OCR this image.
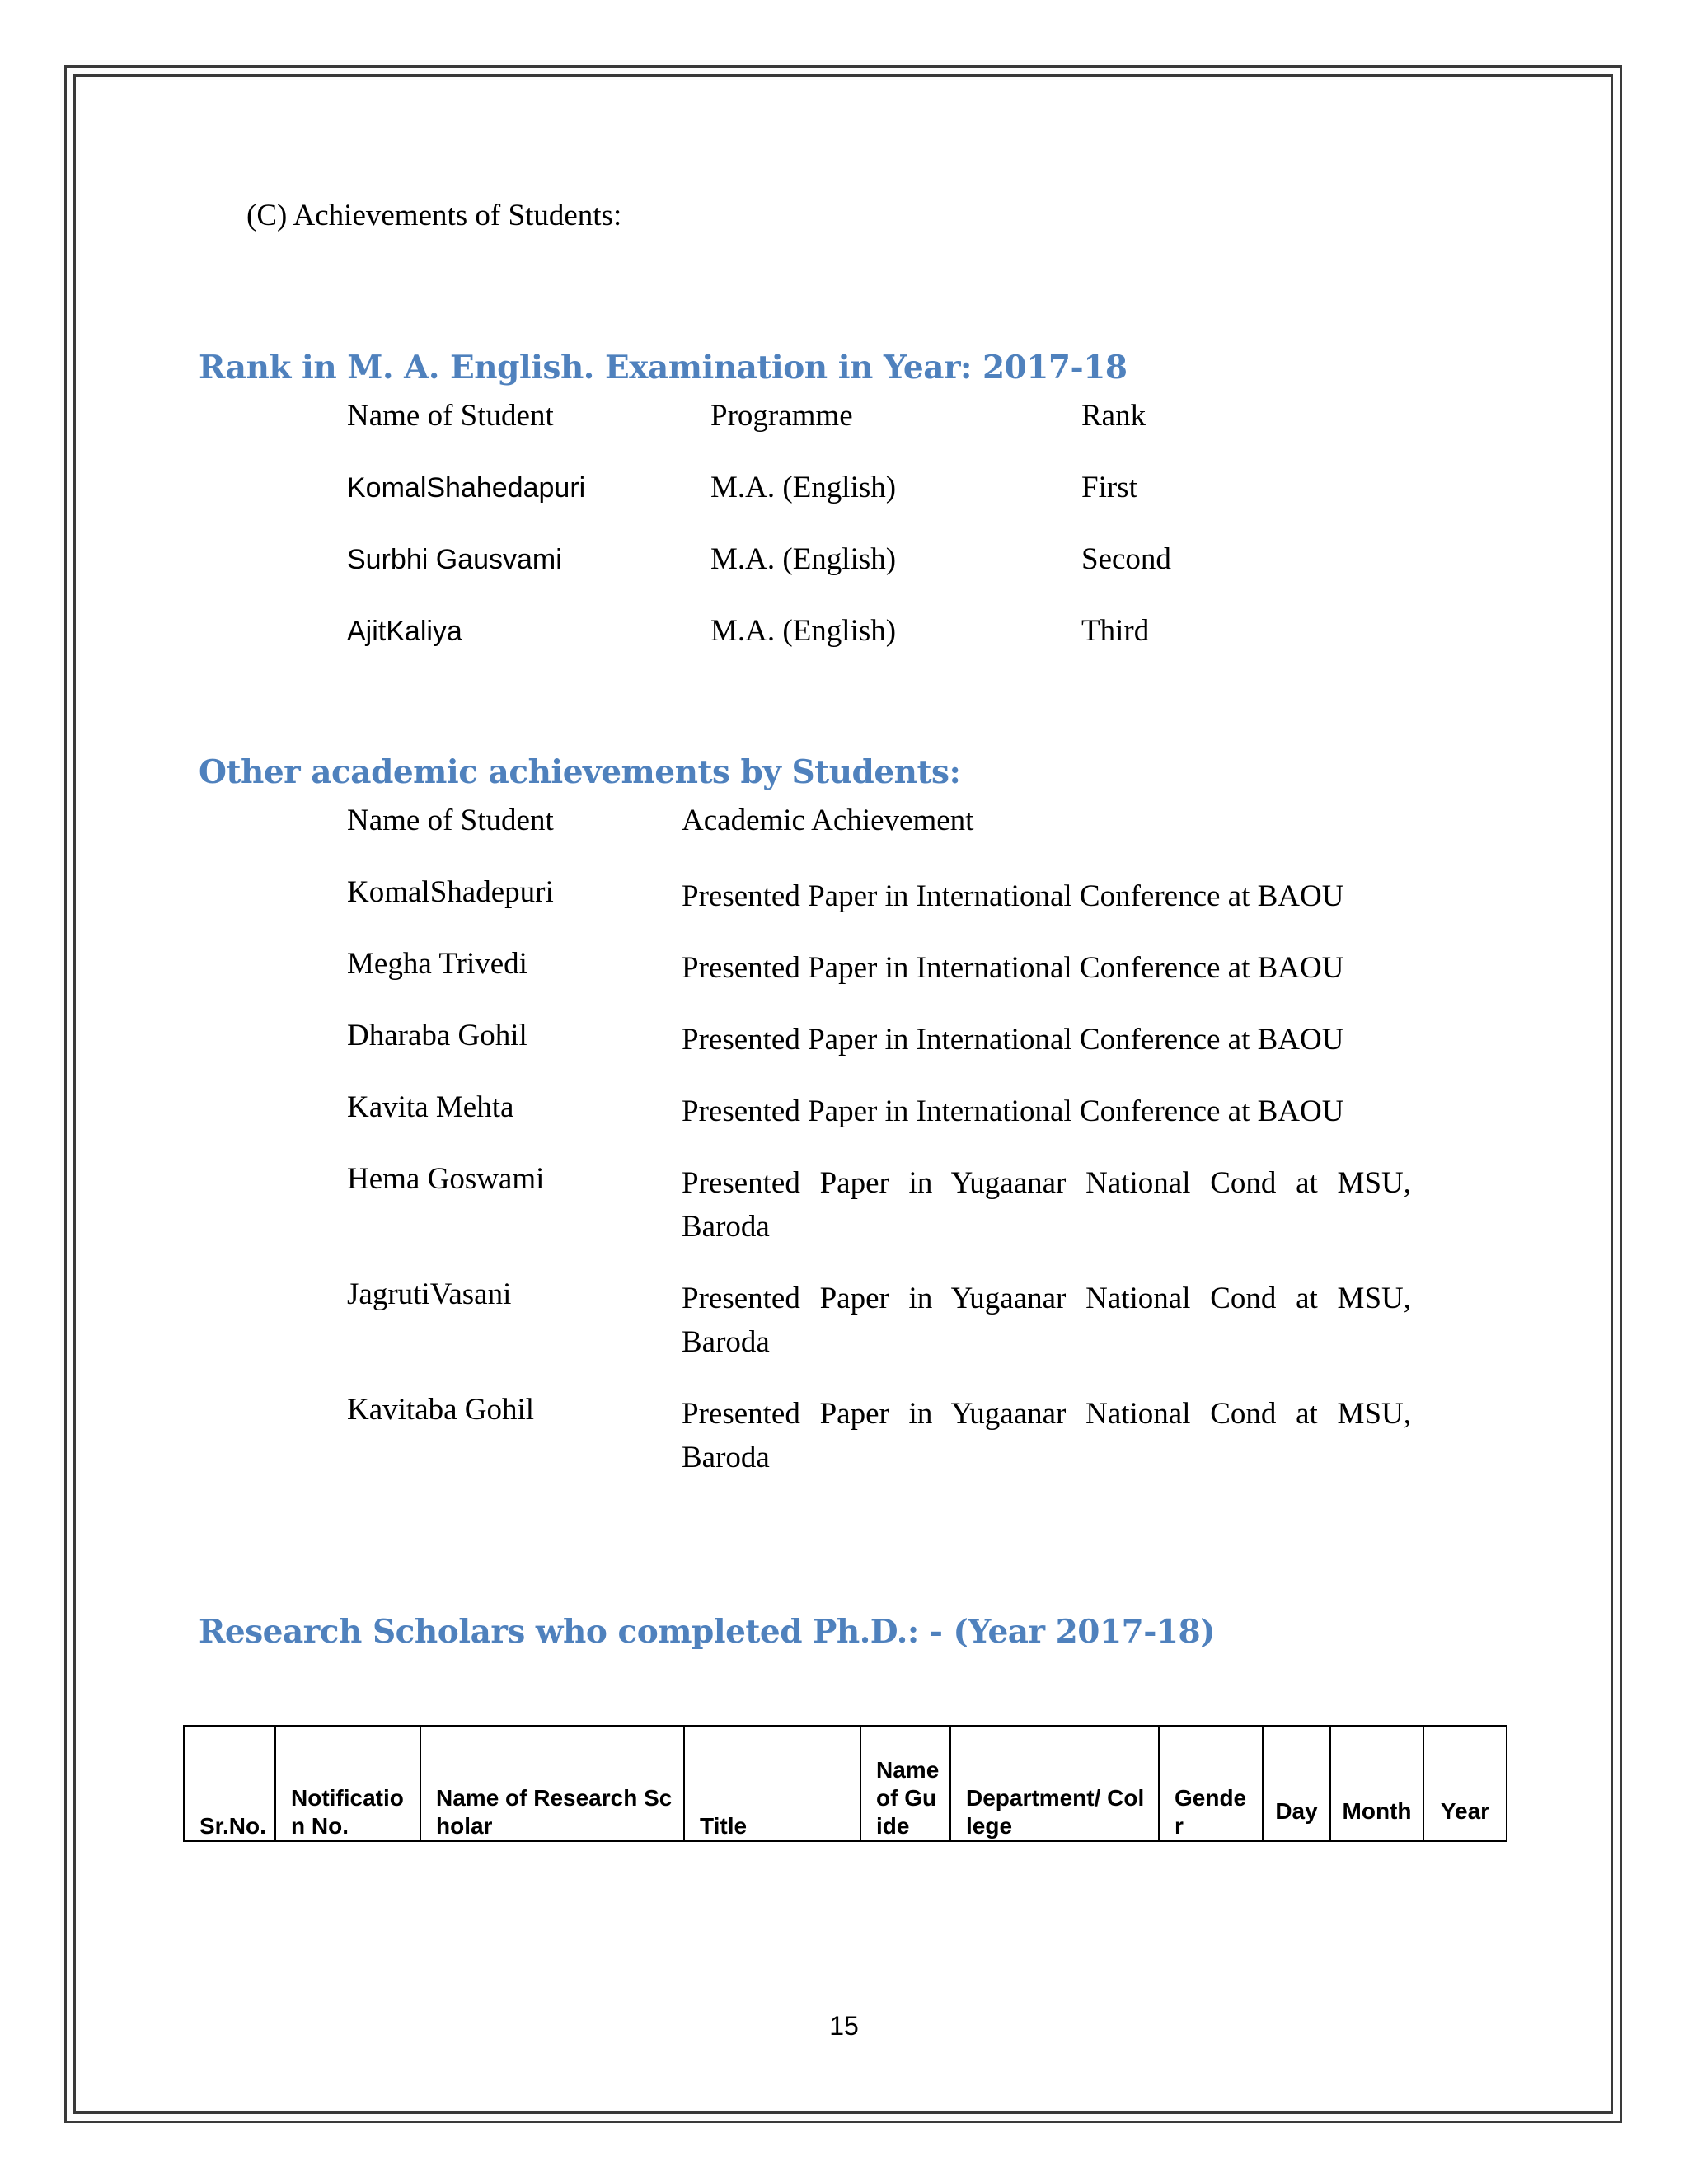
(C) Achievements of Students:
Rank in M. A. English. Examination in Year: 2017-18
Name of Student	Programme	Rank
KomalShahedapuri	M.A. (English)	First
Surbhi Gausvami	M.A. (English)	Second
AjitKaliya	M.A. (English)	Third
Other academic achievements by Students:
Name of Student	Academic Achievement
KomalShadepuri	Presented Paper in International Conference at BAOU
Megha Trivedi	Presented Paper in International Conference at BAOU
Dharaba Gohil	Presented Paper in International Conference at BAOU
Kavita Mehta	Presented Paper in International Conference at BAOU
Hema Goswami	Presented Paper in Yugaanar National Cond at MSU, Baroda
JagrutiVasani	Presented Paper in Yugaanar National Cond at MSU, Baroda
Kavitaba Gohil	Presented Paper in Yugaanar National Cond at MSU, Baroda
Research Scholars who completed Ph.D.: - (Year 2017-18)
Sr.No.	Notification No.	Name of Research Scholar	Title	Name of Guide	Department/ College	Gender	Day	Month	Year
15
